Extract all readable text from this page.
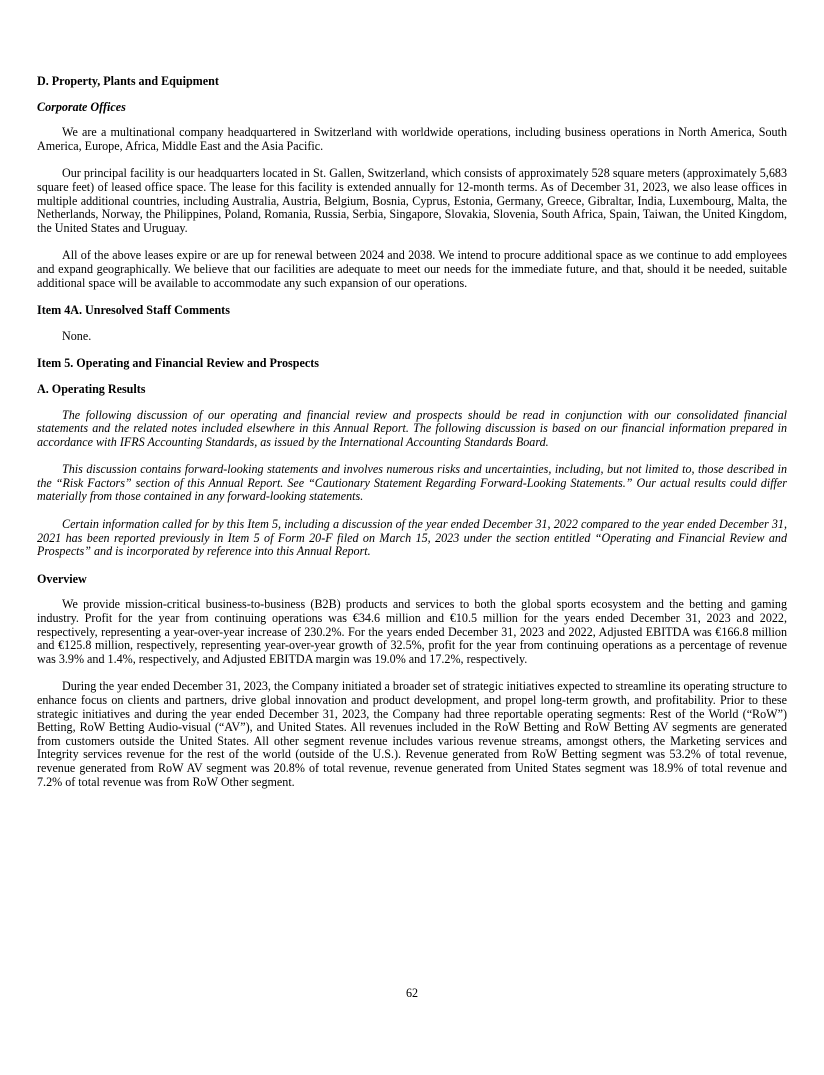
D. Property, Plants and Equipment
Corporate Offices

We are a multinational company headquartered in Switzerland with worldwide operations, including business operations in North America, South America, Europe, Africa, Middle East and the Asia Pacific.

Our principal facility is our headquarters located in St. Gallen, Switzerland, which consists of approximately 528 square meters (approximately 5,683 square feet) of leased office space. The lease for this facility is extended annually for 12-month terms. As of December 31, 2023, we also lease offices in multiple additional countries, including Australia, Austria, Belgium, Bosnia, Cyprus, Estonia, Germany, Greece, Gibraltar, India, Luxembourg, Malta, the Netherlands, Norway, the Philippines, Poland, Romania, Russia, Serbia, Singapore, Slovakia, Slovenia, South Africa, Spain, Taiwan, the United Kingdom, the United States and Uruguay.

All of the above leases expire or are up for renewal between 2024 and 2038. We intend to procure additional space as we continue to add employees and expand geographically. We believe that our facilities are adequate to meet our needs for the immediate future, and that, should it be needed, suitable additional space will be available to accommodate any such expansion of our operations.

Item 4A. Unresolved Staff Comments

None.

Item 5. Operating and Financial Review and Prospects
A. Operating Results

The following discussion of our operating and financial review and prospects should be read in conjunction with our consolidated financial statements and the related notes included elsewhere in this Annual Report. The following discussion is based on our financial information prepared in accordance with IFRS Accounting Standards, as issued by the International Accounting Standards Board.

This discussion contains forward-looking statements and involves numerous risks and uncertainties, including, but not limited to, those described in the “Risk Factors” section of this Annual Report. See “Cautionary Statement Regarding Forward-Looking Statements.” Our actual results could differ materially from those contained in any forward-looking statements.

Certain information called for by this Item 5, including a discussion of the year ended December 31, 2022 compared to the year ended December 31, 2021 has been reported previously in Item 5 of Form 20-F filed on March 15, 2023 under the section entitled “Operating and Financial Review and Prospects” and is incorporated by reference into this Annual Report.

Overview

We provide mission-critical business-to-business (B2B) products and services to both the global sports ecosystem and the betting and gaming industry. Profit for the year from continuing operations was €34.6 million and €10.5 million for the years ended December 31, 2023 and 2022, respectively, representing a year-over-year increase of 230.2%. For the years ended December 31, 2023 and 2022, Adjusted EBITDA was €166.8 million and €125.8 million, respectively, representing year-over-year growth of 32.5%, profit for the year from continuing operations as a percentage of revenue was 3.9% and 1.4%, respectively, and Adjusted EBITDA margin was 19.0% and 17.2%, respectively.

During the year ended December 31, 2023, the Company initiated a broader set of strategic initiatives expected to streamline its operating structure to enhance focus on clients and partners, drive global innovation and product development, and propel long-term growth, and profitability. Prior to these strategic initiatives and during the year ended December 31, 2023, the Company had three reportable operating segments: Rest of the World (“RoW”) Betting, RoW Betting Audio-visual (“AV”), and United States. All revenues included in the RoW Betting and RoW Betting AV segments are generated from customers outside the United States. All other segment revenue includes various revenue streams, amongst others, the Marketing services and Integrity services revenue for the rest of the world (outside of the U.S.). Revenue generated from RoW Betting segment was 53.2% of total revenue, revenue generated from RoW AV segment was 20.8% of total revenue, revenue generated from United States segment was 18.9% of total revenue and 7.2% of total revenue was from RoW Other segment.

62
